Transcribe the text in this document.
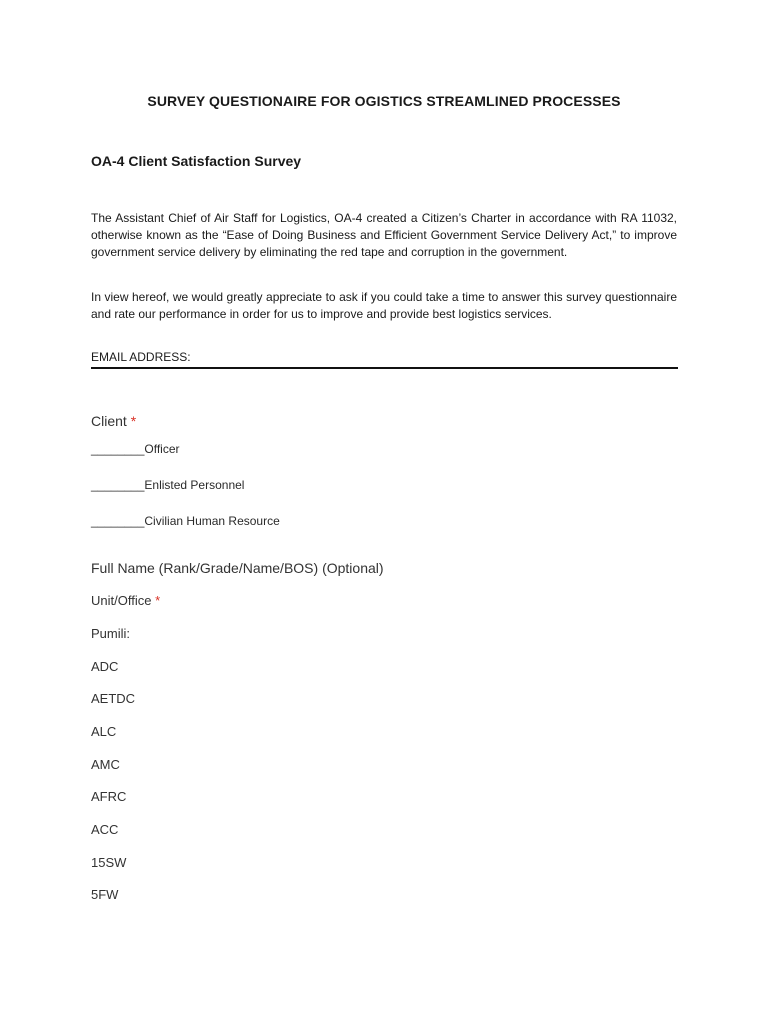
SURVEY QUESTIONAIRE FOR OGISTICS STREAMLINED PROCESSES
OA-4 Client Satisfaction Survey
The Assistant Chief of Air Staff for Logistics, OA-4 created a Citizen’s Charter in accordance with RA 11032, otherwise known as the “Ease of Doing Business and Efficient Government Service Delivery Act,” to improve government service delivery by eliminating the red tape and corruption in the government.
In view hereof, we would greatly appreciate to ask if you could take a time to answer this survey questionnaire and rate our performance in order for us to improve and provide best logistics services.
EMAIL ADDRESS:
Client *
________Officer
________Enlisted Personnel
________Civilian Human Resource
Full Name (Rank/Grade/Name/BOS) (Optional)
Unit/Office *
Pumili:
ADC
AETDC
ALC
AMC
AFRC
ACC
15SW
5FW
